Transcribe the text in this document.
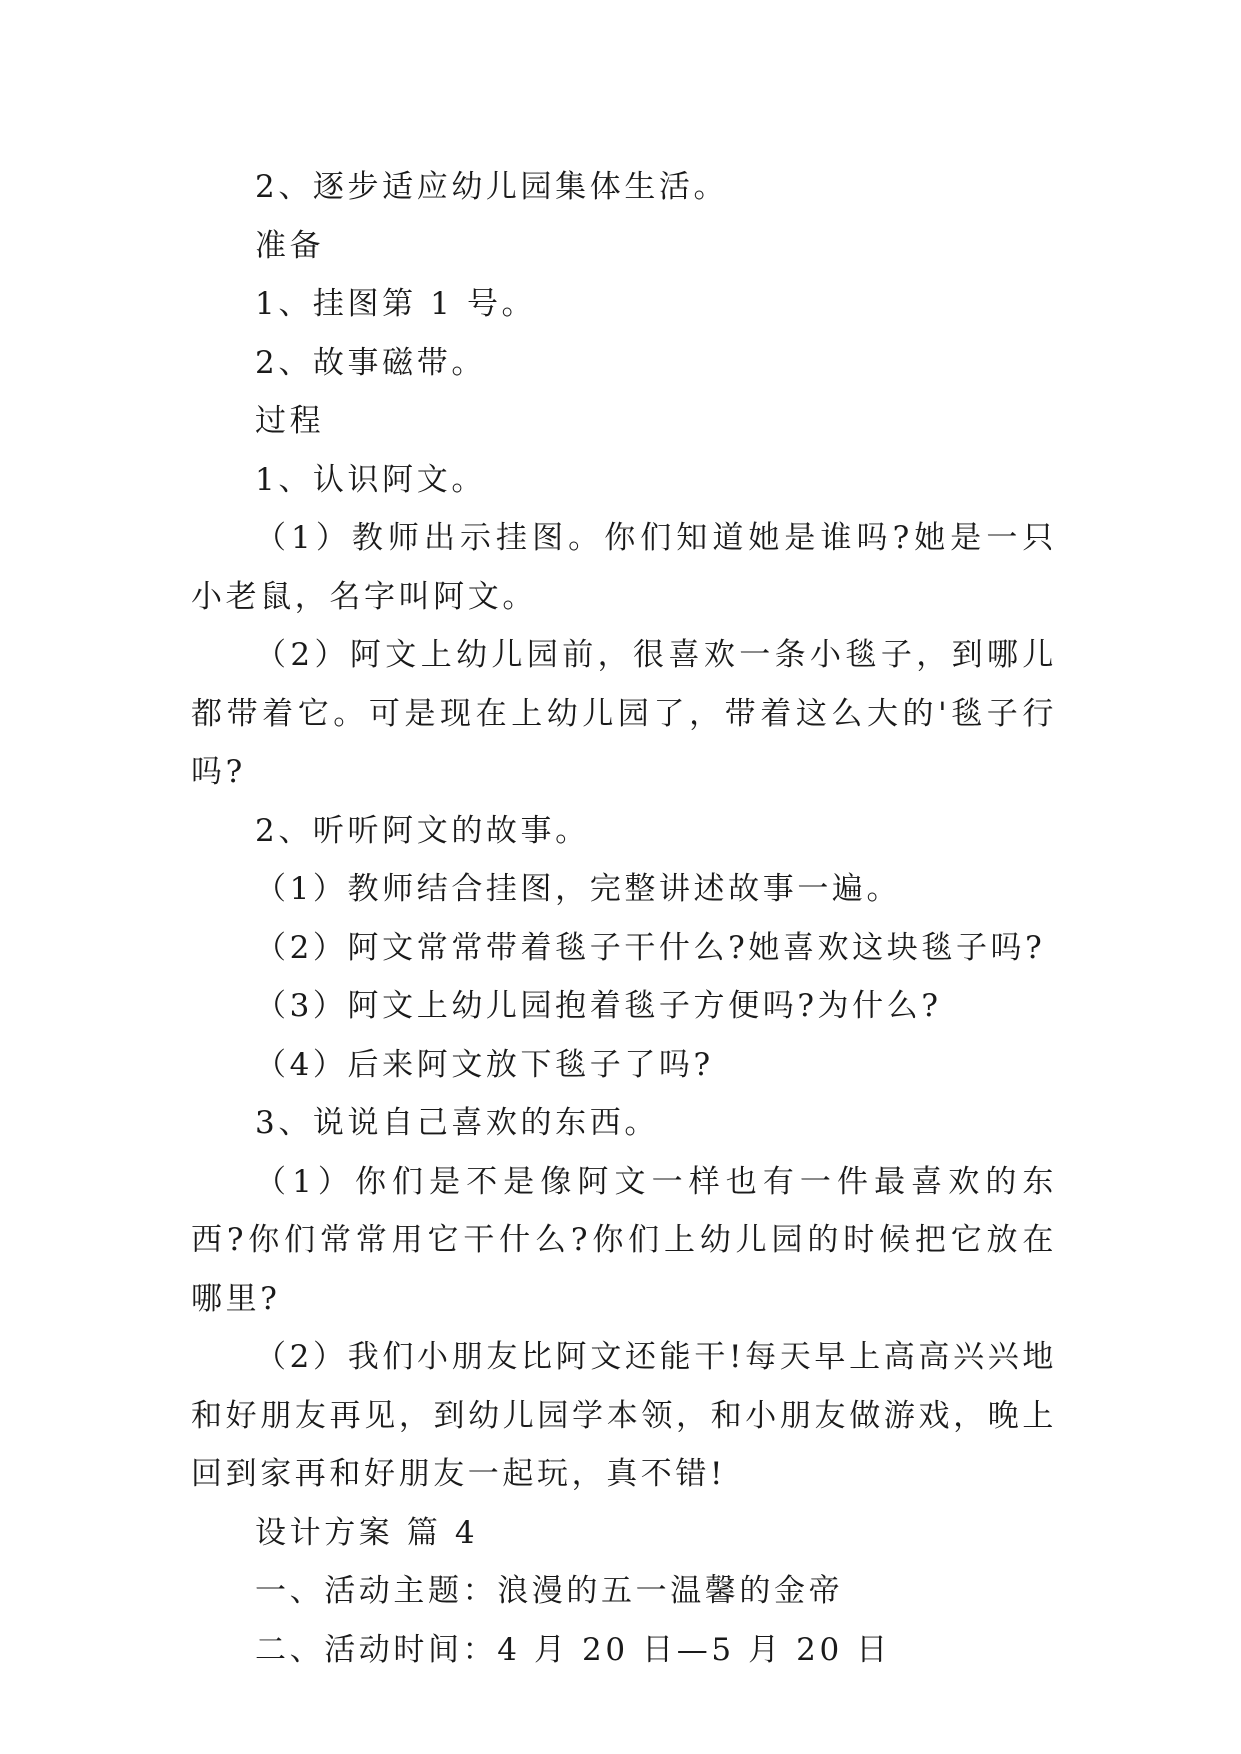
2、逐步适应幼儿园集体生活。

准备

1、挂图第 1 号。

2、故事磁带。

过程

1、认识阿文。

（1）教师出示挂图。你们知道她是谁吗?她是一只小老鼠，名字叫阿文。

（2）阿文上幼儿园前，很喜欢一条小毯子，到哪儿都带着它。可是现在上幼儿园了，带着这么大的'毯子行吗?

2、听听阿文的故事。

（1）教师结合挂图，完整讲述故事一遍。

（2）阿文常常带着毯子干什么?她喜欢这块毯子吗?

（3）阿文上幼儿园抱着毯子方便吗?为什么?

（4）后来阿文放下毯子了吗?

3、说说自己喜欢的东西。

（1）你们是不是像阿文一样也有一件最喜欢的东西?你们常常用它干什么?你们上幼儿园的时候把它放在哪里?

（2）我们小朋友比阿文还能干!每天早上高高兴兴地和好朋友再见，到幼儿园学本领，和小朋友做游戏，晚上回到家再和好朋友一起玩，真不错!

设计方案 篇 4

一、活动主题：浪漫的五一温馨的金帝

二、活动时间：4 月 20 日—5 月 20 日
